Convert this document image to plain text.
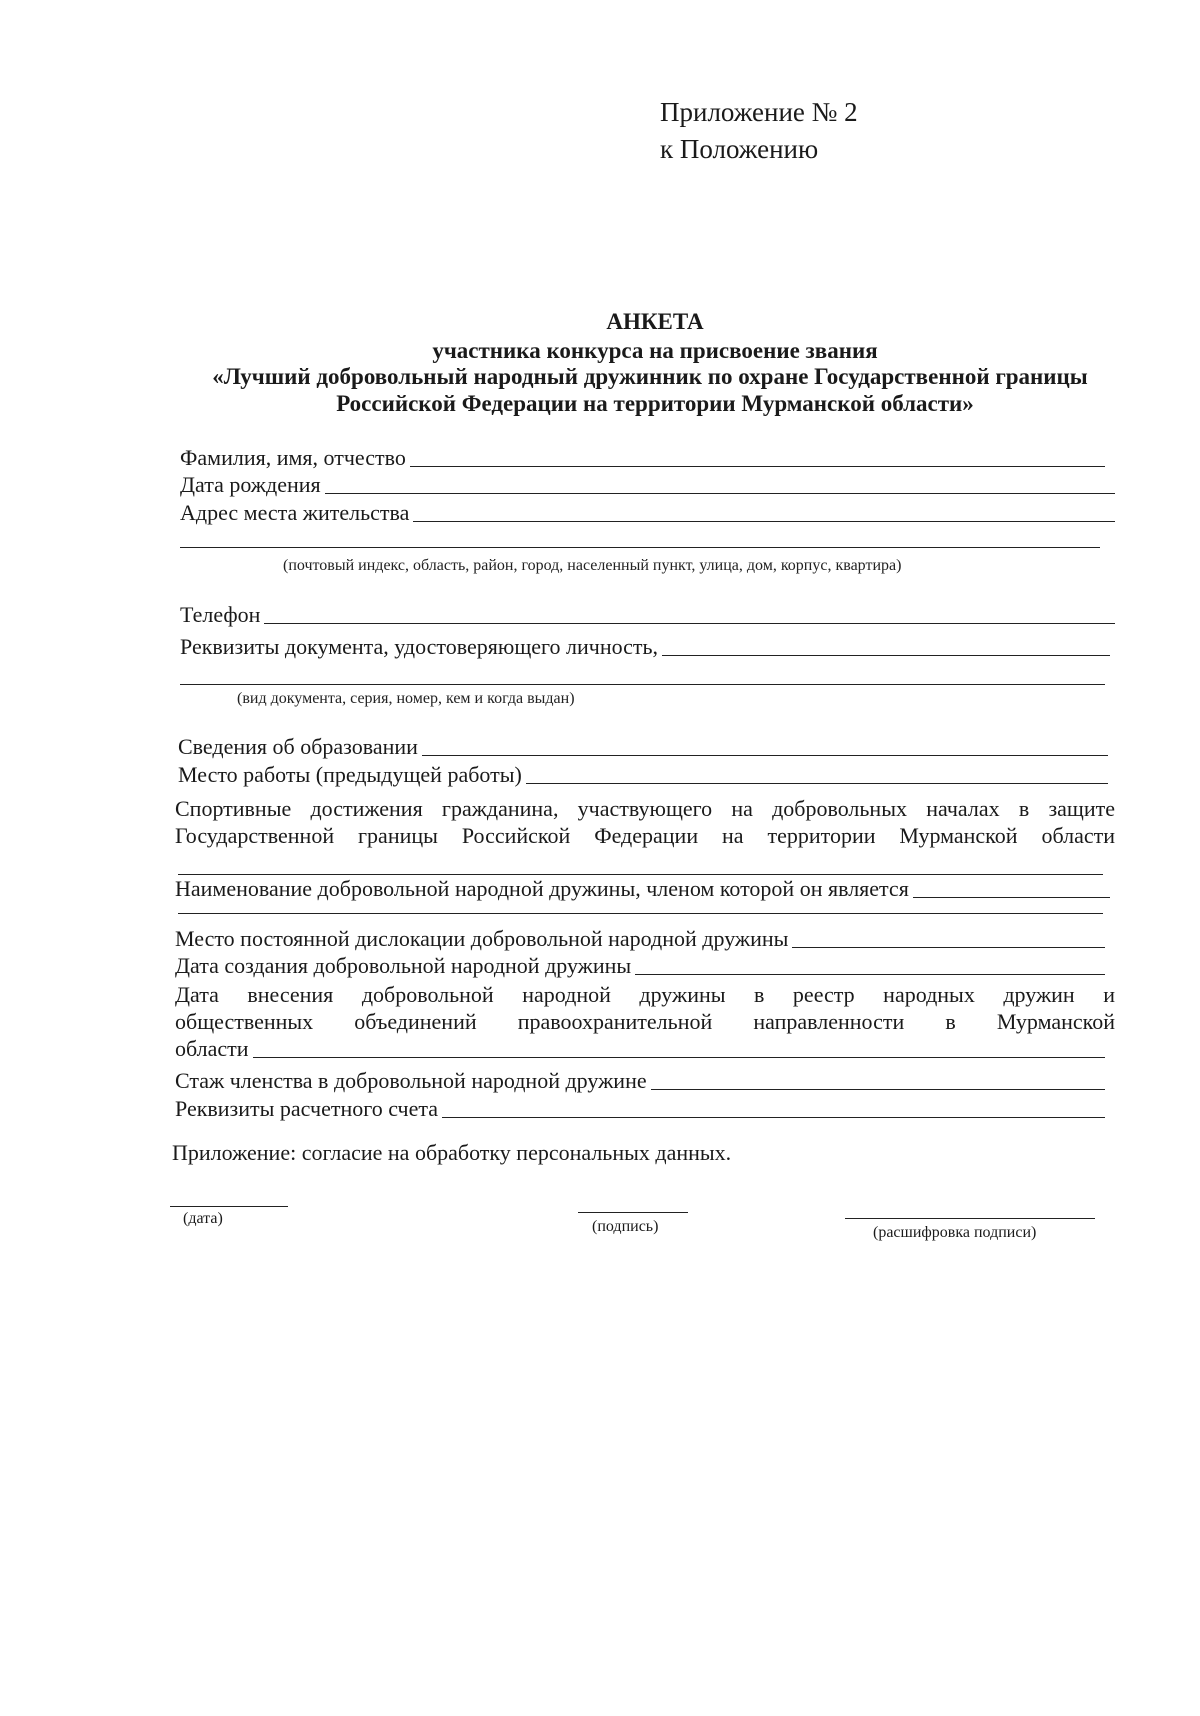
Приложение № 2
к Положению
АНКЕТА
участника конкурса на присвоение звания
«Лучший добровольный народный дружинник по охране Государственной границы
Российской Федерации на территории Мурманской области»
Фамилия, имя, отчество
Дата рождения
Адрес места жительства
(почтовый индекс, область, район, город, населенный пункт, улица, дом, корпус, квартира)
Телефон
Реквизиты документа, удостоверяющего личность,
(вид документа, серия, номер, кем и когда выдан)
Сведения об образовании
Место работы (предыдущей работы)
Спортивные достижения гражданина, участвующего на добровольных началах в защите
Государственной границы Российской Федерации на территории Мурманской области
Наименование добровольной народной дружины, членом которой он является
Место постоянной дислокации добровольной народной дружины
Дата создания добровольной народной дружины
Дата внесения добровольной народной дружины в реестр народных дружин и
общественных объединений правоохранительной направленности в Мурманской
области
Стаж членства в добровольной народной дружине
Реквизиты расчетного счета
Приложение: согласие на обработку персональных данных.
(дата)	(подпись)	(расшифровка подписи)
